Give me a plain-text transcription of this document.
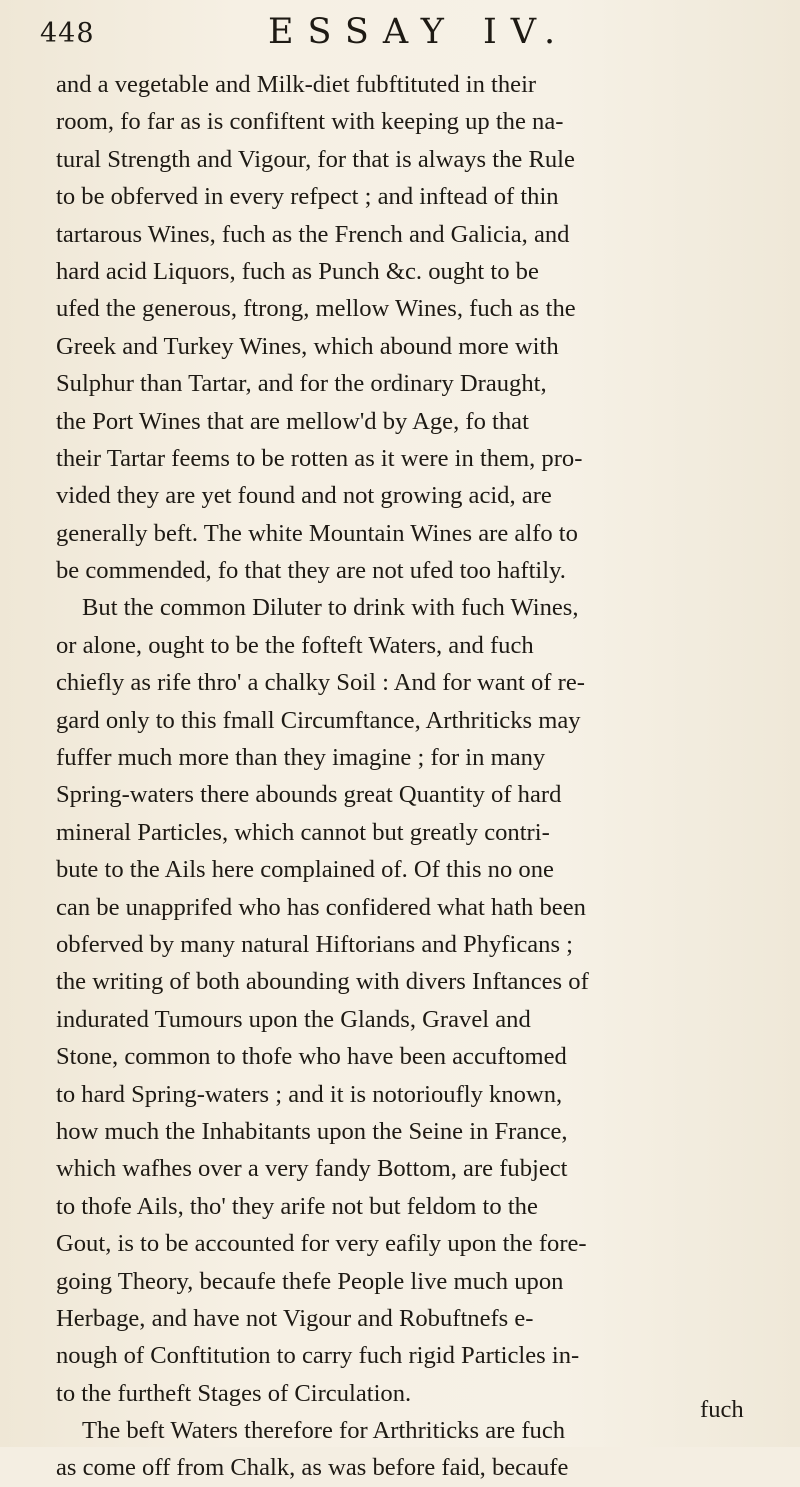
448	ESSAY IV.
and a vegetable and Milk-diet fubftituted in their
room, fo far as is confiftent with keeping up the na-
tural Strength and Vigour, for that is always the Rule
to be obferved in every refpect ; and inftead of thin
tartarous Wines, fuch as the French and Galicia, and
hard acid Liquors, fuch as Punch &c. ought to be
ufed the generous, ftrong, mellow Wines, fuch as the
Greek and Turkey Wines, which abound more with
Sulphur than Tartar, and for the ordinary Draught,
the Port Wines that are mellow'd by Age, fo that
their Tartar feems to be rotten as it were in them, pro-
vided they are yet found and not growing acid, are
generally beft. The white Mountain Wines are alfo to
be commended, fo that they are not ufed too haftily.
But the common Diluter to drink with fuch Wines,
or alone, ought to be the fofteft Waters, and fuch
chiefly as rife thro' a chalky Soil : And for want of re-
gard only to this fmall Circumftance, Arthriticks may
fuffer much more than they imagine ; for in many
Spring-waters there abounds great Quantity of hard
mineral Particles, which cannot but greatly contri-
bute to the Ails here complained of. Of this no one
can be unapprifed who has confidered what hath been
obferved by many natural Hiftorians and Phyficans ;
the writing of both abounding with divers Inftances of
indurated Tumours upon the Glands, Gravel and
Stone, common to thofe who have been accuftomed
to hard Spring-waters ; and it is notorioufly known,
how much the Inhabitants upon the Seine in France,
which wafhes over a very fandy Bottom, are fubject
to thofe Ails, tho' they arife not but feldom to the
Gout, is to be accounted for very eafily upon the fore-
going Theory, becaufe thefe People live much upon
Herbage, and have not Vigour and Robuftnefs e-
nough of Conftitution to carry fuch rigid Particles in-
to the furtheft Stages of Circulation.
The beft Waters therefore for Arthriticks are fuch
as come off from Chalk, as was before faid, becaufe
fuch
